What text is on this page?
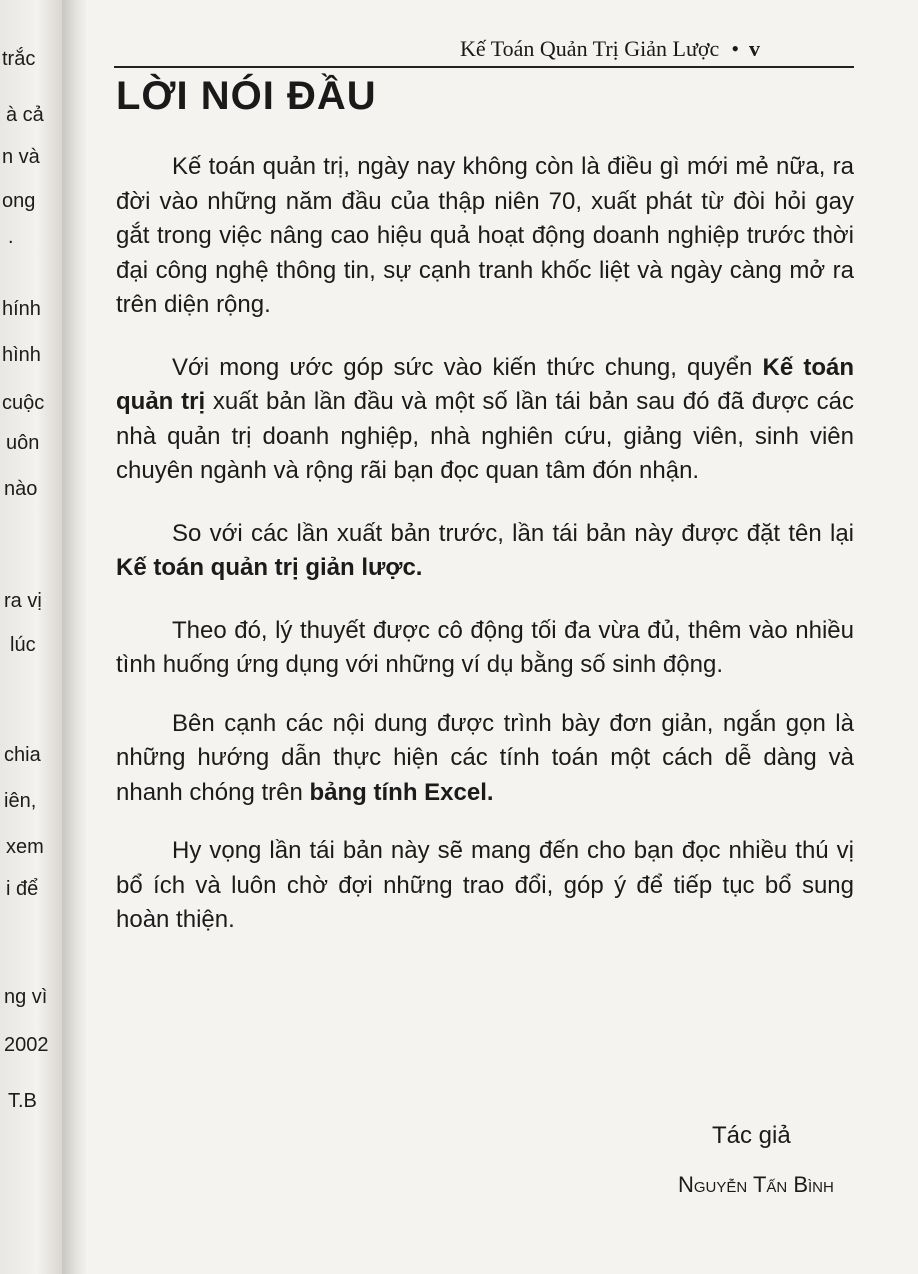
trắc
à cả
n và
ong
.
hính
hình
cuộc
uôn
nào
ra vị
lúc
chia
iên,
xem
i để
ng vì
2002
T.B
Kế Toán Quản Trị Giản Lược • v
LỜI NÓI ĐẦU

Kế toán quản trị, ngày nay không còn là điều gì mới mẻ nữa, ra đời vào những năm đầu của thập niên 70, xuất phát từ đòi hỏi gay gắt trong việc nâng cao hiệu quả hoạt động doanh nghiệp trước thời đại công nghệ thông tin, sự cạnh tranh khốc liệt và ngày càng mở ra trên diện rộng.

Với mong ước góp sức vào kiến thức chung, quyển Kế toán quản trị xuất bản lần đầu và một số lần tái bản sau đó đã được các nhà quản trị doanh nghiệp, nhà nghiên cứu, giảng viên, sinh viên chuyên ngành và rộng rãi bạn đọc quan tâm đón nhận.

So với các lần xuất bản trước, lần tái bản này được đặt tên lại Kế toán quản trị giản lược.

Theo đó, lý thuyết được cô động tối đa vừa đủ, thêm vào nhiều tình huống ứng dụng với những ví dụ bằng số sinh động.

Bên cạnh các nội dung được trình bày đơn giản, ngắn gọn là những hướng dẫn thực hiện các tính toán một cách dễ dàng và nhanh chóng trên bảng tính Excel.

Hy vọng lần tái bản này sẽ mang đến cho bạn đọc nhiều thú vị bổ ích và luôn chờ đợi những trao đổi, góp ý để tiếp tục bổ sung hoàn thiện.

Tác giả
Nguyễn Tấn Bình
